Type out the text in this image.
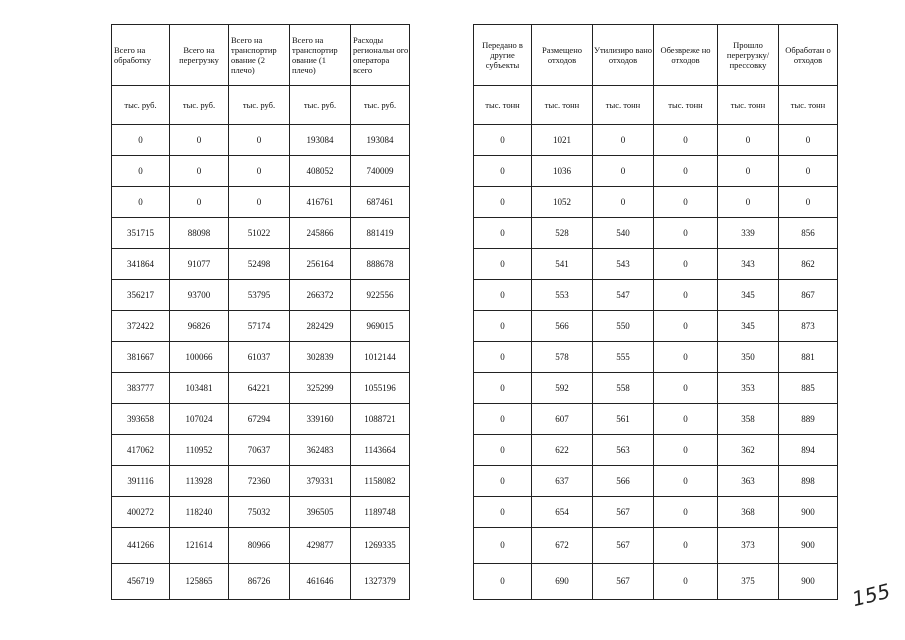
Всего на обработку	Всего на перегрузку	Всего на транспортир ование (2 плечо)	Всего на транспортир ование (1 плечо)	Расходы региональн ого оператора всего		Передано в другие субъекты	Размещено отходов	Утилизиро вано отходов	Обезвреже но отходов	Прошло перегрузку/ прессовку	Обработан о отходов
тыс. руб.	тыс. руб.	тыс. руб.	тыс. руб.	тыс. руб.		тыс. тонн	тыс. тонн	тыс. тонн	тыс. тонн	тыс. тонн	тыс. тонн
0	0	0	193084	193084		0	1021	0	0	0	0
0	0	0	408052	740009		0	1036	0	0	0	0
0	0	0	416761	687461		0	1052	0	0	0	0
351715	88098	51022	245866	881419		0	528	540	0	339	856
341864	91077	52498	256164	888678		0	541	543	0	343	862
356217	93700	53795	266372	922556		0	553	547	0	345	867
372422	96826	57174	282429	969015		0	566	550	0	345	873
381667	100066	61037	302839	1012144		0	578	555	0	350	881
383777	103481	64221	325299	1055196		0	592	558	0	353	885
393658	107024	67294	339160	1088721		0	607	561	0	358	889
417062	110952	70637	362483	1143664		0	622	563	0	362	894
391116	113928	72360	379331	1158082		0	637	566	0	363	898
400272	118240	75032	396505	1189748		0	654	567	0	368	900
441266	121614	80966	429877	1269335		0	672	567	0	373	900
456719	125865	86726	461646	1327379		0	690	567	0	375	900 155
